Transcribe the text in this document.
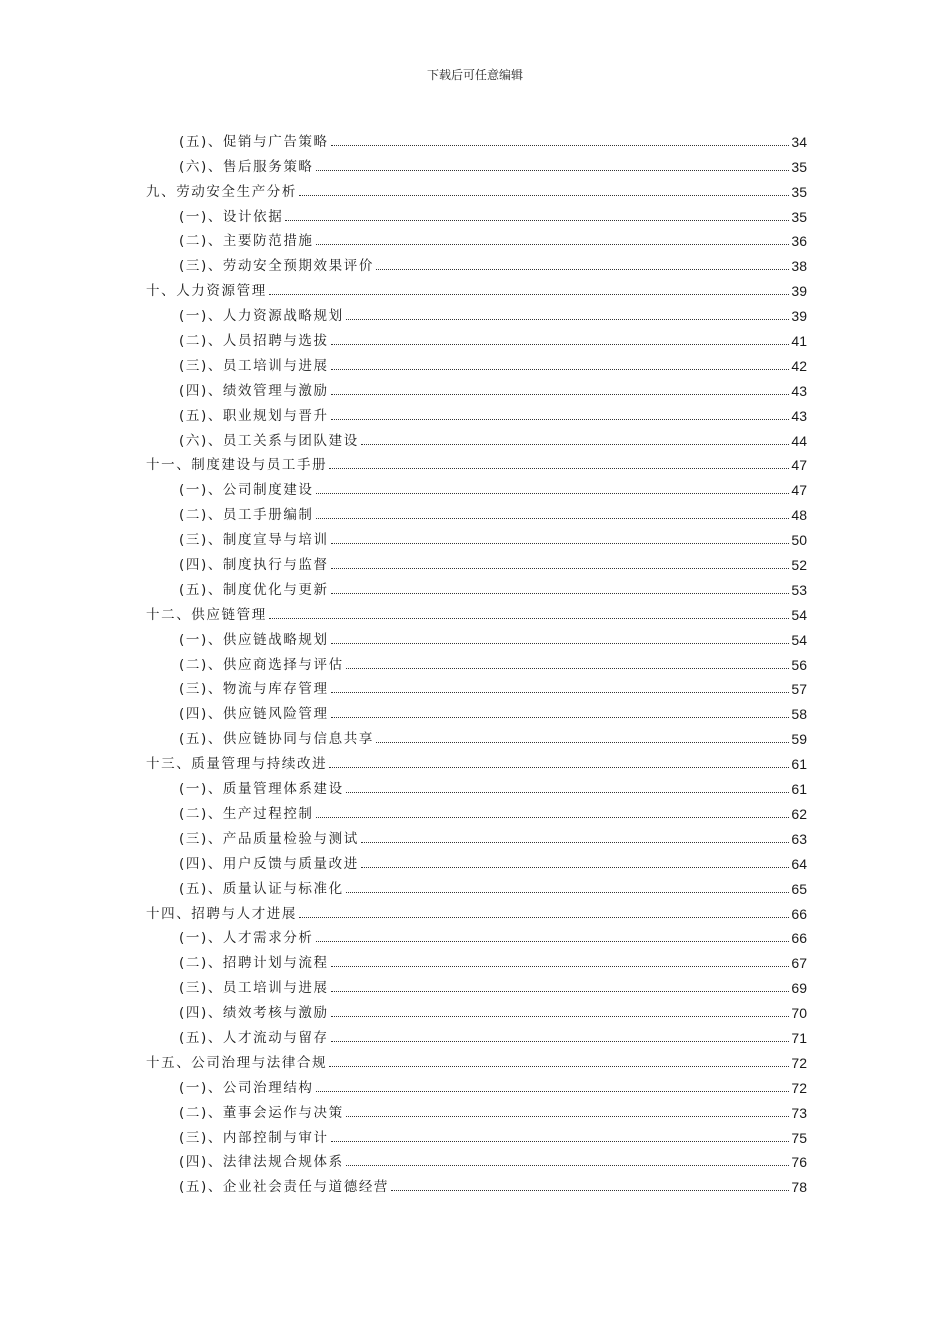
下载后可任意编辑
(五)、促销与广告策略	34
(六)、售后服务策略	35
九、劳动安全生产分析	35
(一)、设计依据	35
(二)、主要防范措施	36
(三)、劳动安全预期效果评价	38
十、人力资源管理	39
(一)、人力资源战略规划	39
(二)、人员招聘与选拔	41
(三)、员工培训与进展	42
(四)、绩效管理与激励	43
(五)、职业规划与晋升	43
(六)、员工关系与团队建设	44
十一、制度建设与员工手册	47
(一)、公司制度建设	47
(二)、员工手册编制	48
(三)、制度宣导与培训	50
(四)、制度执行与监督	52
(五)、制度优化与更新	53
十二、供应链管理	54
(一)、供应链战略规划	54
(二)、供应商选择与评估	56
(三)、物流与库存管理	57
(四)、供应链风险管理	58
(五)、供应链协同与信息共享	59
十三、质量管理与持续改进	61
(一)、质量管理体系建设	61
(二)、生产过程控制	62
(三)、产品质量检验与测试	63
(四)、用户反馈与质量改进	64
(五)、质量认证与标准化	65
十四、招聘与人才进展	66
(一)、人才需求分析	66
(二)、招聘计划与流程	67
(三)、员工培训与进展	69
(四)、绩效考核与激励	70
(五)、人才流动与留存	71
十五、公司治理与法律合规	72
(一)、公司治理结构	72
(二)、董事会运作与决策	73
(三)、内部控制与审计	75
(四)、法律法规合规体系	76
(五)、企业社会责任与道德经营	78
